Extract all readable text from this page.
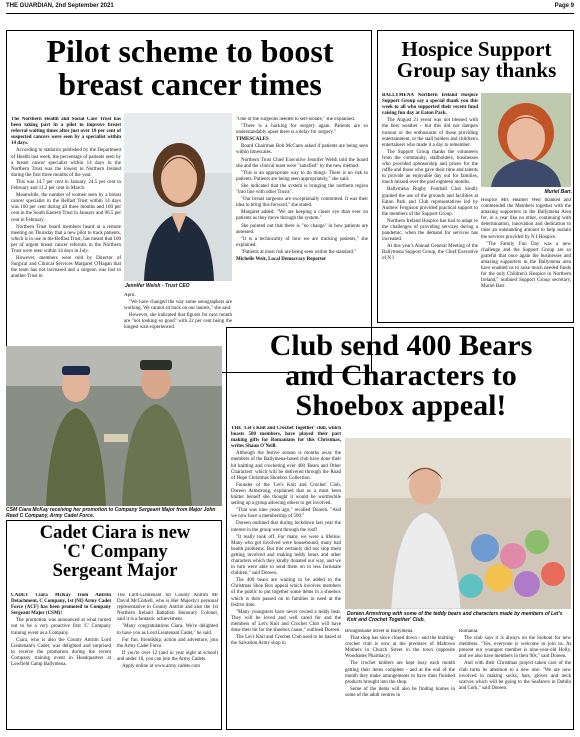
THE GUARDIAN, 2nd September 2021	Page 9
Pilot scheme to boost
breast cancer times

The Northern Health and Social Care Trust has been taking part in a pilot to improve breast referral waiting times after just over 10 per cent of suspected cancers were seen by a specialist within 14 days.

According to statistics published by the Department of Health last week, the percentage of patients seen by a breast cancer specialist within 14 days in the Northern Trust was the lowest in Northern Ireland during the first three months of the year.

This was 14.7 per cent in January, 24.5 per cent in February and 11.2 per cent in March.

Meanwhile, the number of women seen by a breast cancer specialist in the Belfast Trust within 14 days was 100 per cent during all three months and 100 per cent in the South Eastern Trust in January and 96.5 per cent in February.

Northern Trust board members heard at a remote meeting on Thursday that a new pilot to track patients, which is in use in the Belfast Trust, has meant that 100 per of urgent breast cancer referrals in the Northern Trust were seen within 14 days in July.

However, members were told by Director of Surgical and Clinical Services Margaret O'Hagan that the team has not increased and a surgeon was lost to another Trust in

Jennifer Welsh - Trust CEO

April.

"We have changed the way some sonographers are working. We cannot sit back on our laurels," she said.

However, she indicated that figures for next month are "not looking so good" with 22 per cent being the longest wait experienced.

"One of the surgeons needed to self-isolate," she explained.

"There is a backlog for surgery again. Patients are so understandably upset there is a delay for surgery."

TIMESCALES

Board Chairman Bob McCann asked if patients are being seen within timescales.

Northern Trust Chief Executive Jennifer Welsh told the board she and the clinical team were "satisfied" by the new method.

"This is an appropriate way to do things. There is no risk to patients. Patients are being seen appropriately," she said.

She indicated that the system is bringing the northern region "into line with other Trusts".

"Our breast surgeons are exceptionally committed. It was their idea to bring this forward," she stated.

Margaret added: "We are keeping a closer eye than ever on patients as they move through the system."

She pointed out that there is "no change" in how patients are assessed.

"It is a technicality of how we are tracking patients," she explained.

"Patients at most risk are being seen within the standard."

Michelle Weir, Local Democracy Reporter

Hospice Support
Group say thanks

BALLYMENA Northern Ireland Hospice Support Group say a special thank you this week to all who supported their recent fund raising fun day at Eaton Park.

The August 21 event was not blessed with the best weather - but this did not dampen turnout or the enthusiasm of those providing entertainment, or the stall holders and children's entertainers who made it a day to remember.

The Support Group thanks the volunteers from the community, stallholders, businesses who provided sponsorship and prizes for the raffle and those who gave their time and talents to provide an enjoyable day out for families, much missed over the past eighteen months.

Ballymena Rugby Football Club kindly granted the use of the grounds and facilities at Eaton Park and Club representatives led by Andrew Ferguson provided practical support to the members of the Support Group.

Northern Ireland Hospice has had to adapt to the challenges of providing services during a pandemic, when the demand for services has increased.

At this year's Annual General Meeting of the Ballymena Support Group, the Chief Executive of N I

Muriel Barr.

Hospice Mrs Heather Weir thanked and commended the Members together with the amazing supporters in the Ballymena Area for, in a year like no other, continuing with determination, innovation and dedication to raise an outstanding amount to help sustain the services provided by N I Hospice.

"The Family Fun Day was a new challenge and the Support Group are so grateful that once again the businesses and amazing supporters in the Ballymena area have enabled us to raise much needed funds for the only Children's Hospice in Northern Ireland," outlined Support Group secretary, Muriel Barr.

CSM Ciara McKay receiving her promotion to Company Sergeant Major from Major John Reed C Company, Army Cadet Force.
Cadet Ciara is new
'C' Company
Sergeant Major

CADET Ciara McKay from Antrim Detachment, C Company, 1st (NI) Army Cadet Force (ACF) has been promoted to Company Sergeant Major (CSM)!

The promotion was announced at what turned out to be a very proactive first 'C' Company training event as a Company.

Ciara, who is also the County Antrim Lord Lieutenant's Cadet, was delighted and surprised to receive the promotion during the recent Company training event in Headquarters at Lowfield Camp Ballymena.

The Lord-Lieutenant for County Antrim Mr David McCorkell, who is Her Majesty's personal representative in County Antrim and also the 1st Northern Ireland Battalion Honorary Colonel, said it is a fantastic achievement.

"Many congratulations Ciara. We're delighted to have you as Lord Lieutenant Cadet," he said.

For fun, friendship, action and adventure, join the Army Cadet Force.

If you're over 12 (and in year eight at school) and under 18, you can join the Army Cadets.

Apply online at www.army cadets.com

Club send 400 Bears
and Characters to
Shoebox appeal!

THE 'Let's Knit and Crochet Together' club, which boasts 500 members, have played their part making gifts for Romanians for this Christmas, writes Shaun O'Neill.

Although the festive season is months away the members of the Ballymena-based club have done their bit knitting and crocheting over 400 'Bears and Other Characters' which will be delivered through the Road of Hope Christmas Shoebox Collection.

Founder of the 'Let's Knit and Crochet' Club, Doreen Armstrong, explained that as a most keen knitter herself she thought it would be worthwhile setting up a group allowing others to get involved.

"That was nine years ago," recalled Doreen. "And we now have a membership of 500."

Doreen outlined that during lockdown last year the interest in the group went through the roof!

"It really took off. For many we were a lifeline. Many who got involved were housebound, many had health problems. But this certainly did not stop them getting involved and making teddy bears and other characters which they kindly donated our way, and we in turn were able to send them on to less fortunate children," said Doreen.

The 400 bears are waiting to be added to the Christmas Shoe Box appeal which involves members of the public to put together some items in a shoebox which is then passed on to families in need at the festive time.

"Many youngsters have never owned a teddy bear. They will be loved and well cared for and the members of Let's Knit and Crochet Club will have done their bit for the shoebox cause," outlined Doreen.

The Let's Knit and Crochet Club used to be based at the Salvation Army shop in

Doreen Armstrong with some of the teddy bears and characters made by members of Let's Knit and Crochet Together' Club.

Broughshane Street in Ballymena.

That shop has since closed down - and the knitting-crochet club is now at the premises of Maltown Mothers in Church Street in the town (opposite Woodsides Pharmacy).

The crochet knitters are kept busy each month getting their items complete - and at the end of the month they make arrangements to have their finished products brought into the shop.

Some of the items will also be finding homes in some of the adult centres in

Romania.

The club says it is always on the lookout for new members. "Yes, everyone is welcome to join us. At present our youngest member is nine-year-old Holly, and we also have members in their 90s," said Doreen.

And with their Christmas project taken care of the club turns its attention to a new one: "We are now involved in making socks, hats, gloves and neck scarves which will be going to the Seafarers in Dublin and Cork," said Doreen.
